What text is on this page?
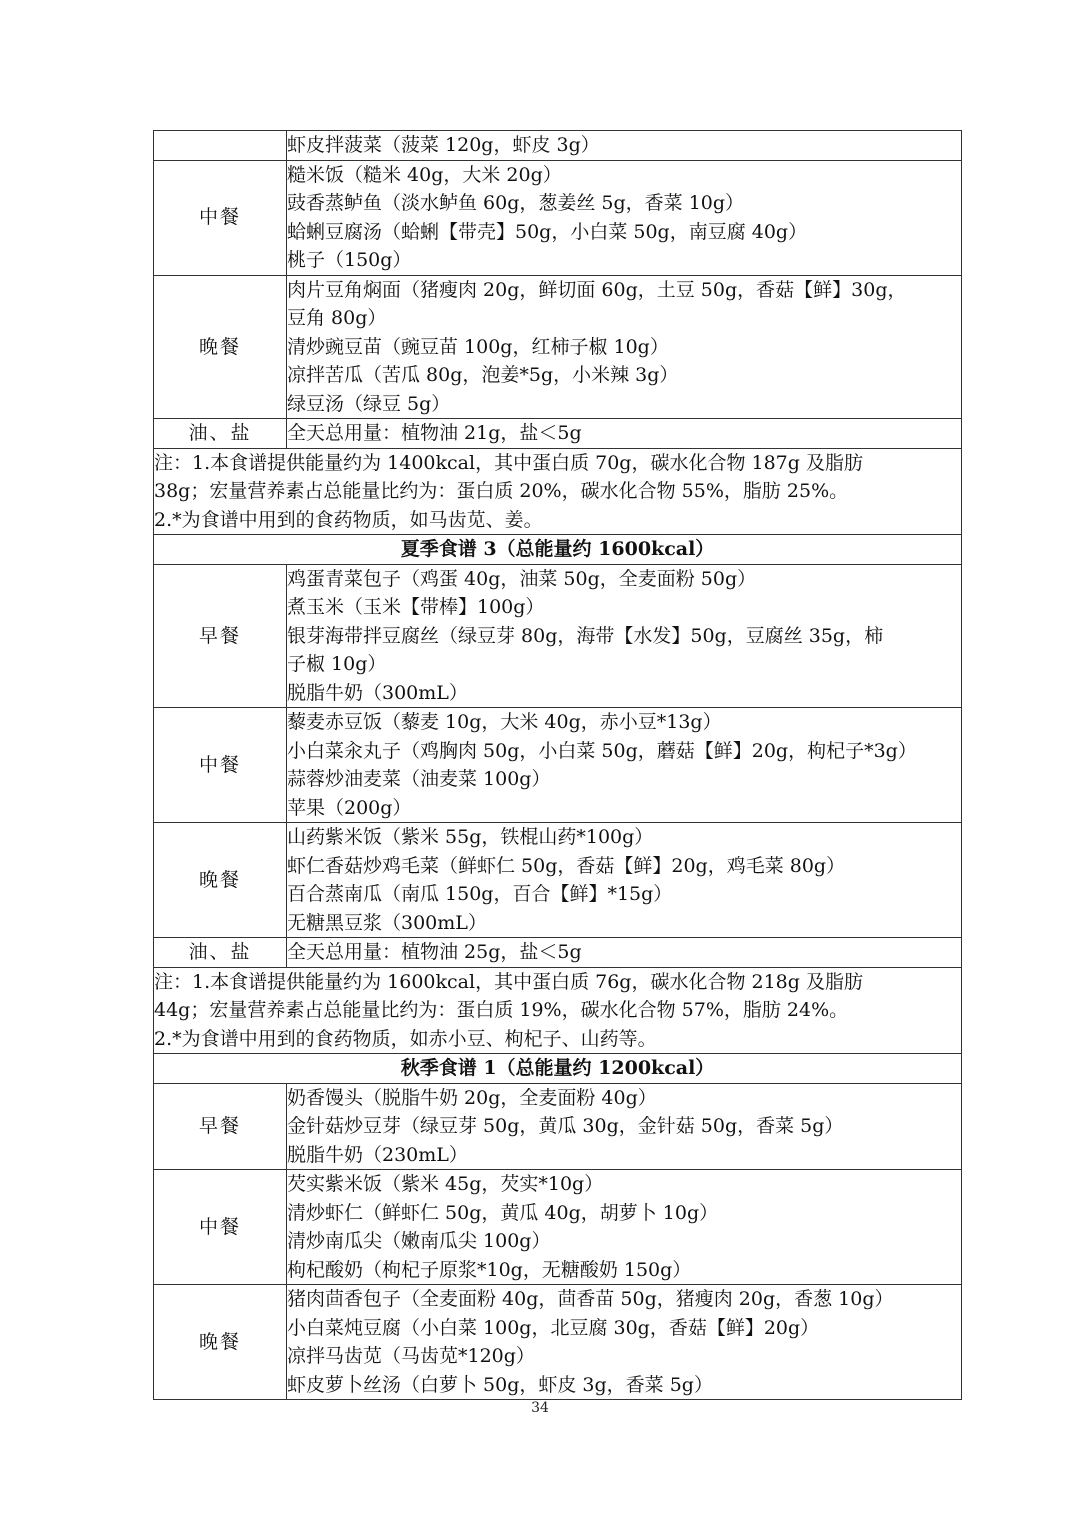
	虾皮拌菠菜（菠菜 120g，虾皮 3g）

中餐	糙米饭（糙米 40g，大米 20g）
豉香蒸鲈鱼（淡水鲈鱼 60g，葱姜丝 5g，香菜 10g）
蛤蜊豆腐汤（蛤蜊【带壳】50g，小白菜 50g，南豆腐 40g）
桃子（150g）

晚餐	肉片豆角焖面（猪瘦肉 20g，鲜切面 60g，土豆 50g，香菇【鲜】30g，
豆角 80g）
清炒豌豆苗（豌豆苗 100g，红柿子椒 10g）
凉拌苦瓜（苦瓜 80g，泡姜*5g，小米辣 3g）
绿豆汤（绿豆 5g）

油、盐	全天总用量：植物油 21g，盐＜5g

注：1.本食谱提供能量约为 1400kcal，其中蛋白质 70g，碳水化合物 187g 及脂肪
38g；宏量营养素占总能量比约为：蛋白质 20%，碳水化合物 55%，脂肪 25%。
2.*为食谱中用到的食药物质，如马齿苋、姜。	

夏季食谱 3（总能量约 1600kcal）	
早餐	鸡蛋青菜包子（鸡蛋 40g，油菜 50g，全麦面粉 50g）
煮玉米（玉米【带棒】100g）
银芽海带拌豆腐丝（绿豆芽 80g，海带【水发】50g，豆腐丝 35g，柿
子椒 10g）
脱脂牛奶（300mL）

中餐	藜麦赤豆饭（藜麦 10g，大米 40g，赤小豆*13g）
小白菜汆丸子（鸡胸肉 50g，小白菜 50g，蘑菇【鲜】20g，枸杞子*3g）
蒜蓉炒油麦菜（油麦菜 100g）
苹果（200g）

晚餐	山药紫米饭（紫米 55g，铁棍山药*100g）
虾仁香菇炒鸡毛菜（鲜虾仁 50g，香菇【鲜】20g，鸡毛菜 80g）
百合蒸南瓜（南瓜 150g，百合【鲜】*15g）
无糖黑豆浆（300mL）

油、盐	全天总用量：植物油 25g，盐＜5g

注：1.本食谱提供能量约为 1600kcal，其中蛋白质 76g，碳水化合物 218g 及脂肪
44g；宏量营养素占总能量比约为：蛋白质 19%，碳水化合物 57%，脂肪 24%。
2.*为食谱中用到的食药物质，如赤小豆、枸杞子、山药等。	

秋季食谱 1（总能量约 1200kcal）	
早餐	奶香馒头（脱脂牛奶 20g，全麦面粉 40g）
金针菇炒豆芽（绿豆芽 50g，黄瓜 30g，金针菇 50g，香菜 5g）
脱脂牛奶（230mL）

中餐	芡实紫米饭（紫米 45g，芡实*10g）
清炒虾仁（鲜虾仁 50g，黄瓜 40g，胡萝卜 10g）
清炒南瓜尖（嫩南瓜尖 100g）
枸杞酸奶（枸杞子原浆*10g，无糖酸奶 150g）

晚餐	猪肉茴香包子（全麦面粉 40g，茴香苗 50g，猪瘦肉 20g，香葱 10g）
小白菜炖豆腐（小白菜 100g，北豆腐 30g，香菇【鲜】20g）
凉拌马齿苋（马齿苋*120g）
虾皮萝卜丝汤（白萝卜 50g，虾皮 3g，香菜 5g）
34
